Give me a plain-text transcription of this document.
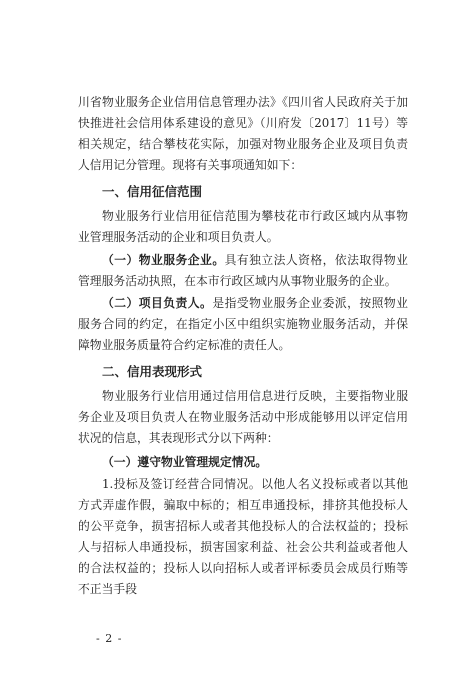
川省物业服务企业信用信息管理办法》《四川省人民政府关于加快推进社会信用体系建设的意见》（川府发〔2017〕11号）等相关规定，结合攀枝花实际，加强对物业服务企业及项目负责人信用记分管理。现将有关事项通知如下：
一、信用征信范围
物业服务行业信用征信范围为攀枝花市行政区域内从事物业管理服务活动的企业和项目负责人。
（一）物业服务企业。具有独立法人资格，依法取得物业管理服务活动执照，在本市行政区域内从事物业服务的企业。
（二）项目负责人。是指受物业服务企业委派，按照物业服务合同的约定，在指定小区中组织实施物业服务活动，并保障物业服务质量符合约定标准的责任人。
二、信用表现形式
物业服务行业信用通过信用信息进行反映，主要指物业服务企业及项目负责人在物业服务活动中形成能够用以评定信用状况的信息，其表现形式分以下两种：
（一）遵守物业管理规定情况。
1.投标及签订经营合同情况。以他人名义投标或者以其他方式弄虚作假，骗取中标的；相互串通投标，排挤其他投标人的公平竞争，损害招标人或者其他投标人的合法权益的；投标人与招标人串通投标，损害国家利益、社会公共利益或者他人的合法权益的；投标人以向招标人或者评标委员会成员行贿等不正当手段
- 2 -
